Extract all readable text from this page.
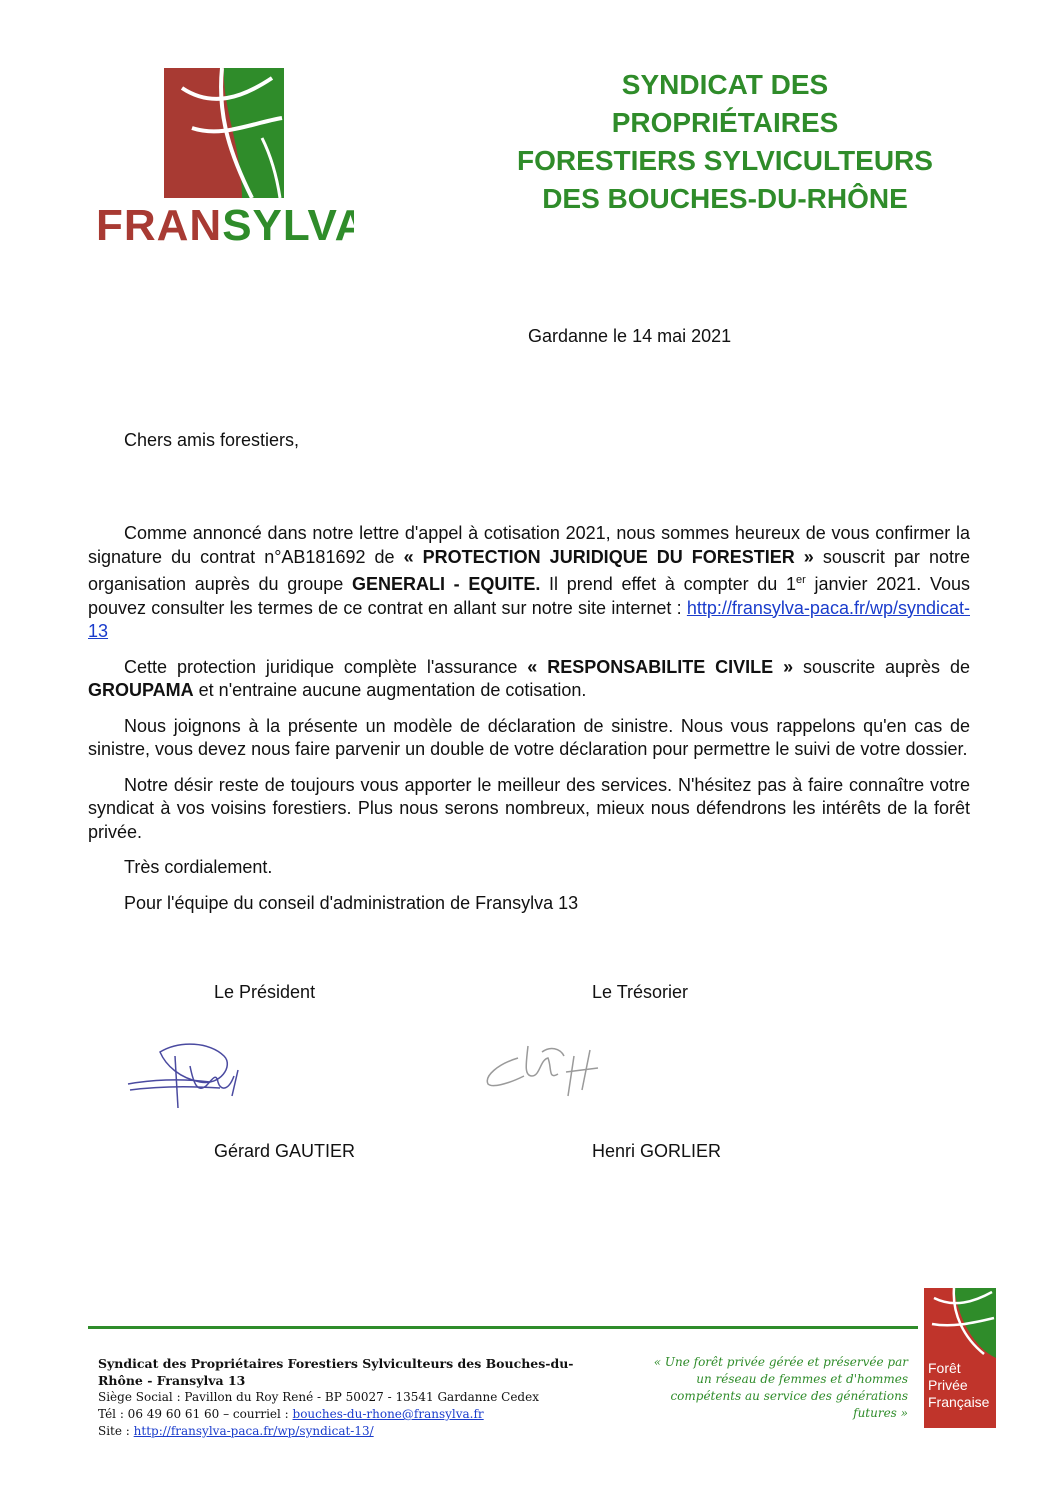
FRANSYLVA
SYNDICAT DES
PROPRIÉTAIRES
FORESTIERS SYLVICULTEURS
DES BOUCHES-DU-RHÔNE
Gardanne le 14 mai 2021
Chers amis forestiers,

Comme annoncé dans notre lettre d'appel à cotisation 2021, nous sommes heureux de vous confirmer la signature du contrat n°AB181692 de « PROTECTION JURIDIQUE DU FORESTIER » souscrit par notre organisation auprès du groupe GENERALI - EQUITE. Il prend effet à compter du 1er janvier 2021. Vous pouvez consulter les termes de ce contrat en allant sur notre site internet : http://fransylva-paca.fr/wp/syndicat-13

Cette protection juridique complète l'assurance « RESPONSABILITE CIVILE » souscrite auprès de GROUPAMA et n'entraine aucune augmentation de cotisation.

Nous joignons à la présente un modèle de déclaration de sinistre. Nous vous rappelons qu'en cas de sinistre, vous devez nous faire parvenir un double de votre déclaration pour permettre le suivi de votre dossier.

Notre désir reste de toujours vous apporter le meilleur des services. N'hésitez pas à faire connaître votre syndicat à vos voisins forestiers. Plus nous serons nombreux, mieux nous défendrons les intérêts de la forêt privée.

Très cordialement.

Pour l'équipe du conseil d'administration de Fransylva 13

Le Président	Le Trésorier
Gérard GAUTIER	Henri GORLIER
Syndicat des Propriétaires Forestiers Sylviculteurs des Bouches-du-Rhône - Fransylva 13
Siège Social : Pavillon du Roy René - BP 50027 - 13541 Gardanne Cedex
Tél : 06 49 60 61 60 – courriel : bouches-du-rhone@fransylva.fr
Site : http://fransylva-paca.fr/wp/syndicat-13/
« Une forêt privée gérée et préservée par un réseau de femmes et d'hommes compétents au service des générations futures »
Forêt
Privée
Française
